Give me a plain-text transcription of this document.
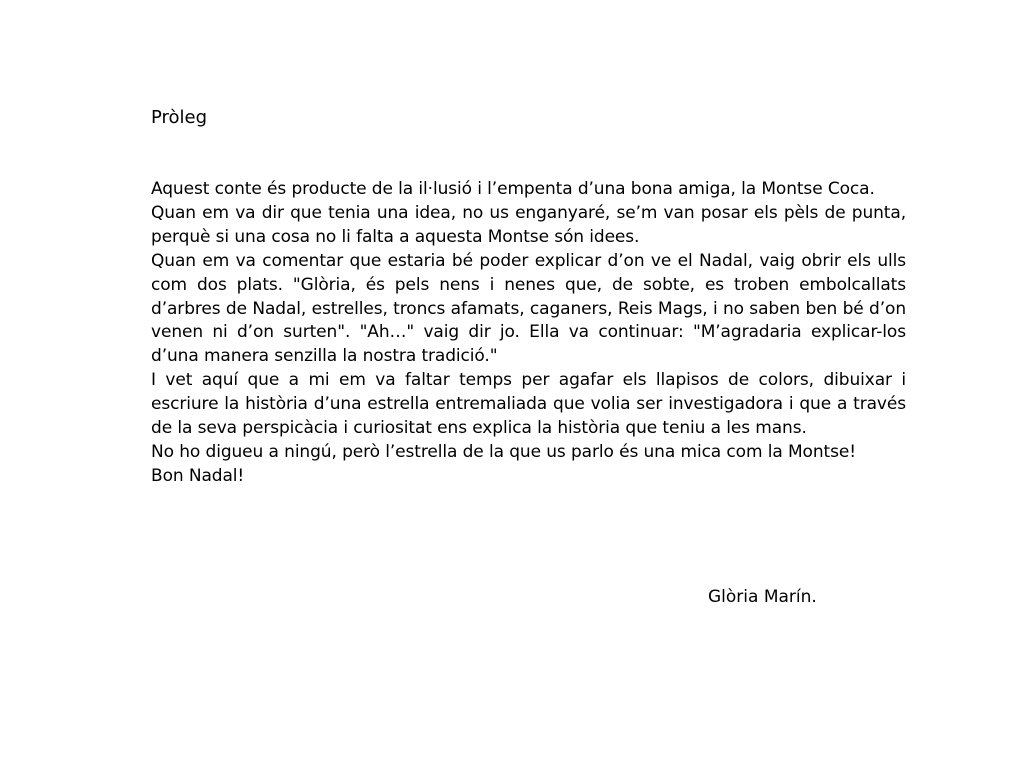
Pròleg

Aquest conte és producte de la il·lusió i l’empenta d’una bona amiga, la Montse Coca.

Quan em va dir que tenia una idea, no us enganyaré, se’m van posar els pèls de punta, perquè si una cosa no li falta a aquesta Montse són idees.

Quan em va comentar que estaria bé poder explicar d’on ve el Nadal, vaig obrir els ulls com dos plats. "Glòria, és pels nens i nenes que, de sobte, es troben embolcallats d’arbres de Nadal, estrelles, troncs afamats, caganers, Reis Mags, i no saben ben bé d’on venen ni d’on surten". "Ah…" vaig dir jo. Ella va continuar: "M’agradaria explicar-los d’una manera senzilla la nostra tradició."

I vet aquí que a mi em va faltar temps per agafar els llapisos de colors, dibuixar i escriure la història d’una estrella entremaliada que volia ser investigadora i que a través de la seva perspicàcia i curiositat ens explica la història que teniu a les mans.

No ho digueu a ningú, però l’estrella de la que us parlo és una mica com la Montse!

Bon Nadal!

Glòria Marín.
